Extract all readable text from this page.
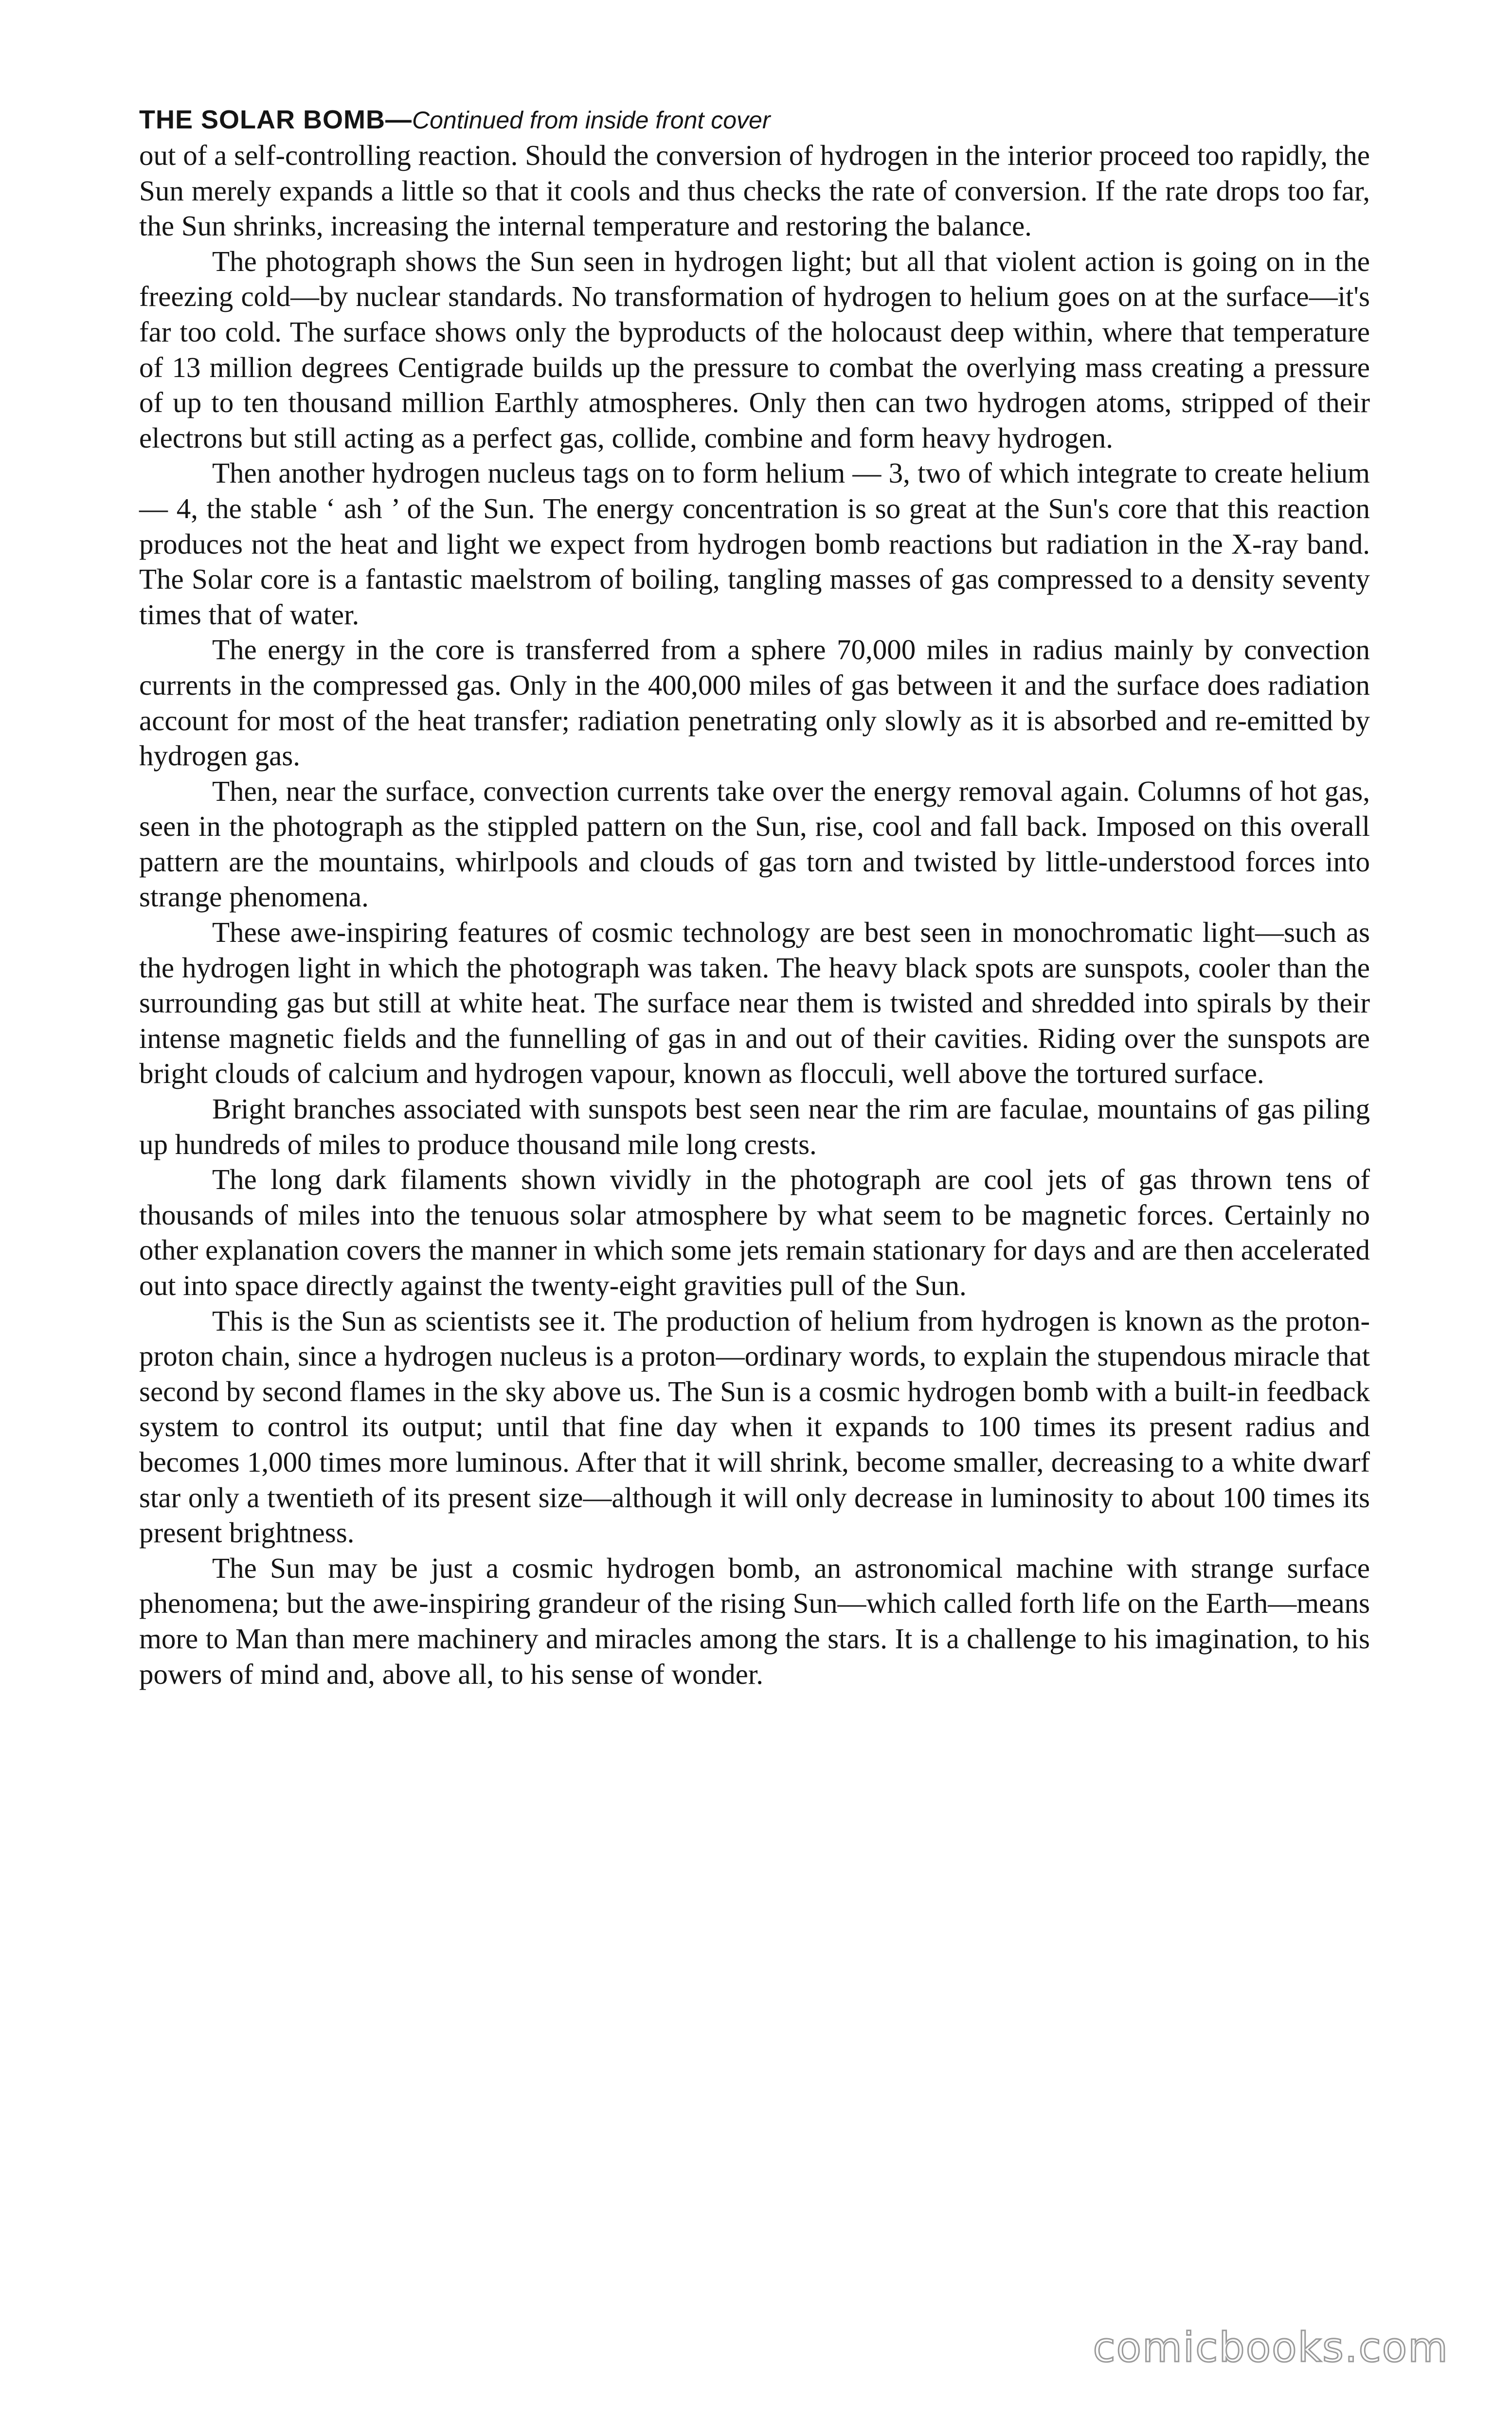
THE SOLAR BOMB—Continued from inside front cover

out of a self-controlling reaction. Should the conversion of hydrogen in the interior proceed too rapidly, the Sun merely expands a little so that it cools and thus checks the rate of conversion. If the rate drops too far, the Sun shrinks, increasing the internal temperature and restoring the balance.

The photograph shows the Sun seen in hydrogen light; but all that violent action is going on in the freezing cold—by nuclear standards. No transformation of hydrogen to helium goes on at the surface—it's far too cold. The surface shows only the byproducts of the holocaust deep within, where that temperature of 13 million degrees Centigrade builds up the pressure to combat the overlying mass creating a pressure of up to ten thousand million Earthly atmospheres. Only then can two hydrogen atoms, stripped of their electrons but still acting as a perfect gas, collide, combine and form heavy hydrogen.

Then another hydrogen nucleus tags on to form helium — 3, two of which integrate to create helium — 4, the stable ‘ ash ’ of the Sun. The energy concentration is so great at the Sun's core that this reaction produces not the heat and light we expect from hydrogen bomb reactions but radiation in the X-ray band. The Solar core is a fantastic maelstrom of boiling, tangling masses of gas compressed to a density seventy times that of water.

The energy in the core is transferred from a sphere 70,000 miles in radius mainly by convection currents in the compressed gas. Only in the 400,000 miles of gas between it and the surface does radiation account for most of the heat transfer; radiation penetrating only slowly as it is absorbed and re-emitted by hydrogen gas.

Then, near the surface, convection currents take over the energy removal again. Columns of hot gas, seen in the photograph as the stippled pattern on the Sun, rise, cool and fall back. Imposed on this overall pattern are the mountains, whirlpools and clouds of gas torn and twisted by little-understood forces into strange phenomena.

These awe-inspiring features of cosmic technology are best seen in monochromatic light—such as the hydrogen light in which the photograph was taken. The heavy black spots are sunspots, cooler than the surrounding gas but still at white heat. The surface near them is twisted and shredded into spirals by their intense magnetic fields and the funnelling of gas in and out of their cavities. Riding over the sunspots are bright clouds of calcium and hydrogen vapour, known as flocculi, well above the tortured surface.

Bright branches associated with sunspots best seen near the rim are faculae, mountains of gas piling up hundreds of miles to produce thousand mile long crests.

The long dark filaments shown vividly in the photograph are cool jets of gas thrown tens of thousands of miles into the tenuous solar atmosphere by what seem to be magnetic forces. Certainly no other explanation covers the manner in which some jets remain stationary for days and are then accelerated out into space directly against the twenty-eight gravities pull of the Sun.

This is the Sun as scientists see it. The production of helium from hydrogen is known as the proton-proton chain, since a hydrogen nucleus is a proton—ordinary words, to explain the stupendous miracle that second by second flames in the sky above us. The Sun is a cosmic hydrogen bomb with a built-in feedback system to control its output; until that fine day when it expands to 100 times its present radius and becomes 1,000 times more luminous. After that it will shrink, become smaller, decreasing to a white dwarf star only a twentieth of its present size—although it will only decrease in luminosity to about 100 times its present brightness.

The Sun may be just a cosmic hydrogen bomb, an astronomical machine with strange surface phenomena; but the awe-inspiring grandeur of the rising Sun—which called forth life on the Earth—means more to Man than mere machinery and miracles among the stars. It is a challenge to his imagination, to his powers of mind and, above all, to his sense of wonder.

comicbooks.com
